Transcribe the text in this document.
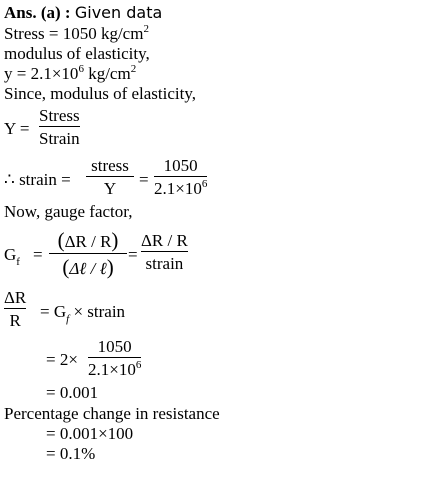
Ans. (a) : Given data
Stress = 1050 $kg/cm^2$
modulus of elasticity,
$y = 2.1\times 10^6$ $kg/cm^2$
Since, modulus of elasticity,
Y =
Stress
Strain
∴ strain =
stress
Y	=
1050
$2.1\times 10^6$
Now, gauge factor,
$G_f$ =
(ΔR / R)
(Δℓ / ℓ)
=
ΔR / R
strain
ΔR
R	= $G_f$ × strain
= 2×
1050
$2.1\times 10^6$
= 0.001
Percentage change in resistance
= 0.001×100
= 0.1%
